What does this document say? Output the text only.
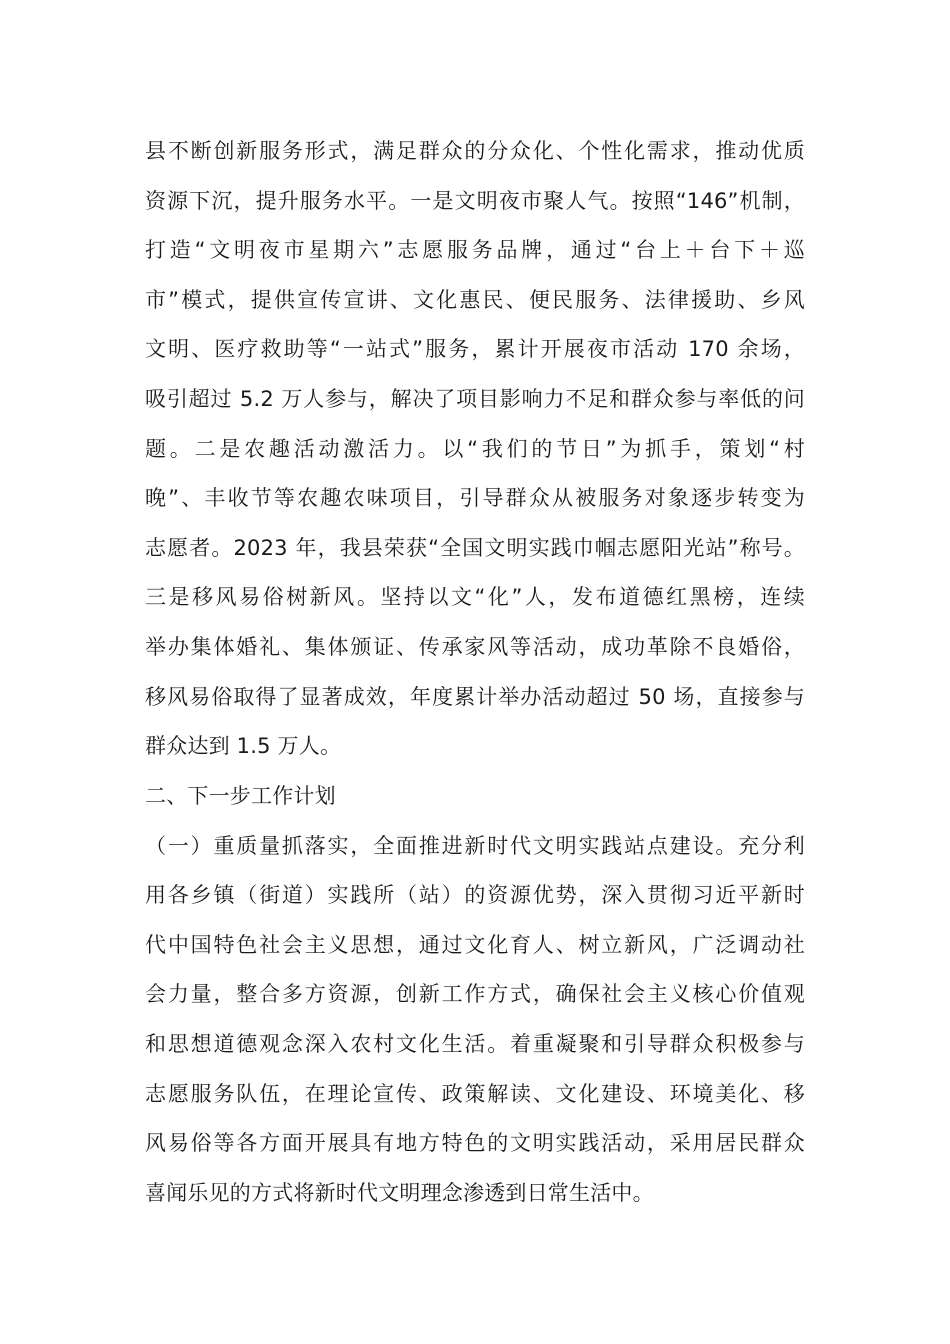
县不断创新服务形式，满足群众的分众化、个性化需求，推动优质
资源下沉，提升服务水平。一是文明夜市聚人气。按照“146”机制，
打造“文明夜市星期六”志愿服务品牌，通过“台上＋台下＋巡
市”模式，提供宣传宣讲、文化惠民、便民服务、法律援助、乡风
文明、医疗救助等“一站式”服务，累计开展夜市活动 170 余场，
吸引超过 5.2 万人参与，解决了项目影响力不足和群众参与率低的问
题。二是农趣活动激活力。以“我们的节日”为抓手，策划“村
晚”、丰收节等农趣农味项目，引导群众从被服务对象逐步转变为
志愿者。2023 年，我县荣获“全国文明实践巾帼志愿阳光站”称号。
三是移风易俗树新风。坚持以文“化”人，发布道德红黑榜，连续
举办集体婚礼、集体颁证、传承家风等活动，成功革除不良婚俗，
移风易俗取得了显著成效，年度累计举办活动超过 50 场，直接参与
群众达到 1.5 万人。
二、下一步工作计划
（一）重质量抓落实，全面推进新时代文明实践站点建设。充分利
用各乡镇（街道）实践所（站）的资源优势，深入贯彻习近平新时
代中国特色社会主义思想，通过文化育人、树立新风，广泛调动社
会力量，整合多方资源，创新工作方式，确保社会主义核心价值观
和思想道德观念深入农村文化生活。着重凝聚和引导群众积极参与
志愿服务队伍，在理论宣传、政策解读、文化建设、环境美化、移
风易俗等各方面开展具有地方特色的文明实践活动，采用居民群众
喜闻乐见的方式将新时代文明理念渗透到日常生活中。
